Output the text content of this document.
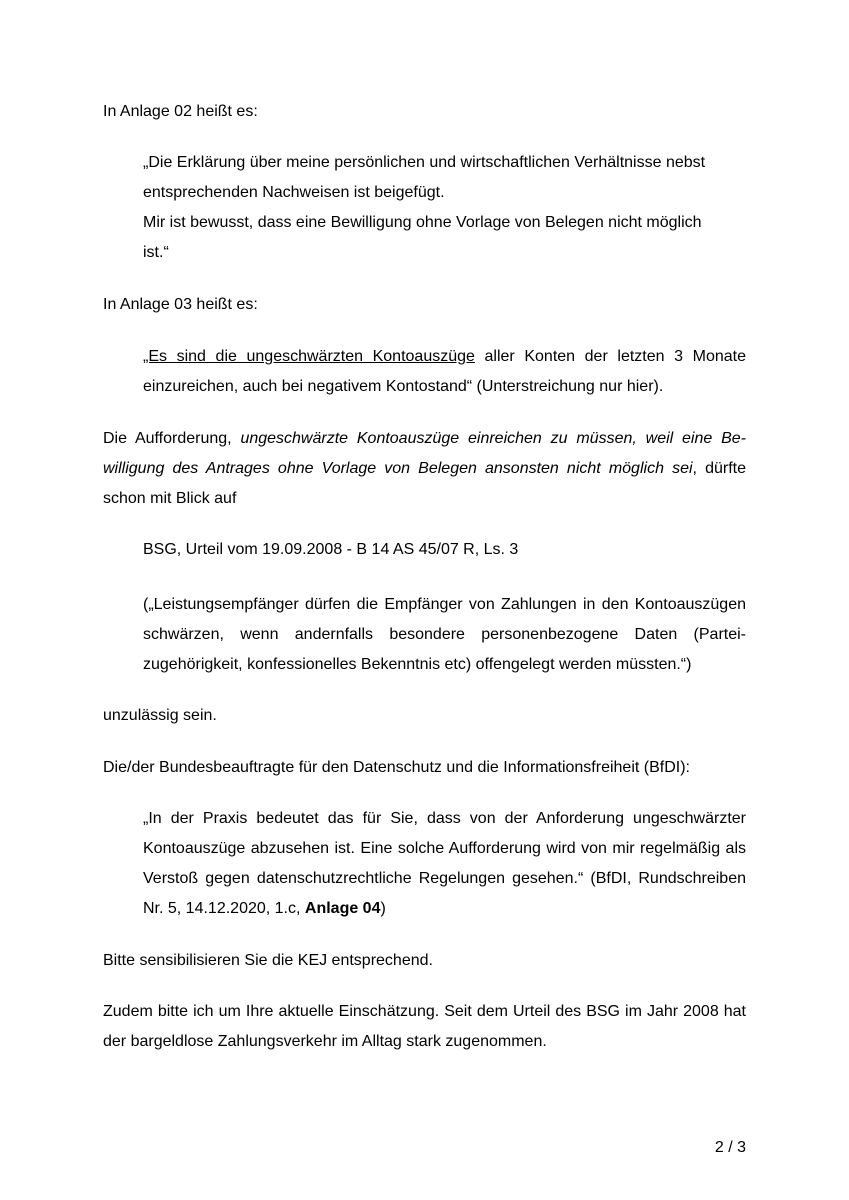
In Anlage 02 heißt es:

„Die Erklärung über meine persönlichen und wirtschaftlichen Verhältnisse nebst
entsprechenden Nachweisen ist beigefügt.
Mir ist bewusst, dass eine Bewilligung ohne Vorlage von Belegen nicht möglich
ist.“

In Anlage 03 heißt es:

„Es sind die ungeschwärzten Kontoauszüge aller Konten der letzten 3 Monate einzureichen, auch bei negativem Kontostand“ (Unterstreichung nur hier).

Die Aufforderung, ungeschwärzte Kontoauszüge einreichen zu müssen, weil eine Bewilligung des Antrages ohne Vorlage von Belegen ansonsten nicht möglich sei, dürfte schon mit Blick auf

BSG, Urteil vom 19.09.2008 - B 14 AS 45/07 R, Ls. 3

(„Leistungsempfänger dürfen die Empfänger von Zahlungen in den Kontoauszügen schwärzen, wenn andernfalls besondere personenbezogene Daten (Parteizugehörigkeit, konfessionelles Bekenntnis etc) offengelegt werden müssten.“)

unzulässig sein.

Die/der Bundesbeauftragte für den Datenschutz und die Informationsfreiheit (BfDI):

„In der Praxis bedeutet das für Sie, dass von der Anforderung ungeschwärzter Kontoauszüge abzusehen ist. Eine solche Aufforderung wird von mir regelmäßig als Verstoß gegen datenschutzrechtliche Regelungen gesehen.“ (BfDI, Rundschreiben Nr. 5, 14.12.2020, 1.c, Anlage 04)

Bitte sensibilisieren Sie die KEJ entsprechend.

Zudem bitte ich um Ihre aktuelle Einschätzung. Seit dem Urteil des BSG im Jahr 2008 hat der bargeldlose Zahlungsverkehr im Alltag stark zugenommen.

2 / 3
